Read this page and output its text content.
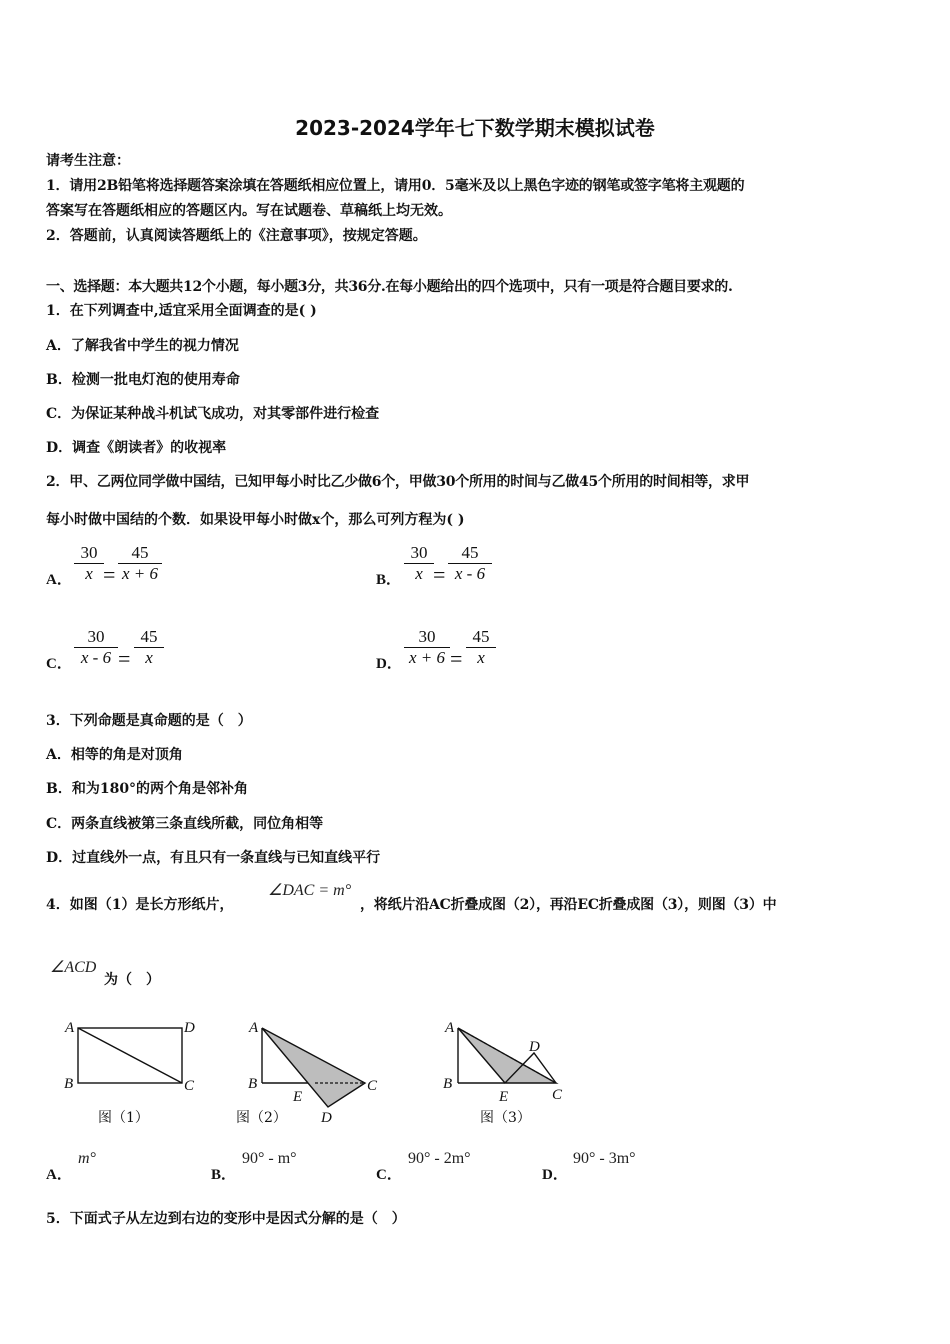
2023-2024学年七下数学期末模拟试卷
请考生注意：
1．请用2B铅笔将选择题答案涂填在答题纸相应位置上，请用0．5毫米及以上黑色字迹的钢笔或签字笔将主观题的
答案写在答题纸相应的答题区内。写在试题卷、草稿纸上均无效。
2．答题前，认真阅读答题纸上的《注意事项》，按规定答题。
一、选择题：本大题共12个小题，每小题3分，共36分.在每小题给出的四个选项中，只有一项是符合题目要求的.
1．在下列调查中,适宜采用全面调查的是( )
A．了解我省中学生的视力情况
B．检测一批电灯泡的使用寿命
C．为保证某种战斗机试飞成功，对其零部件进行检查
D．调查《朗读者》的收视率
2．甲、乙两位同学做中国结，已知甲每小时比乙少做6个，甲做30个所用的时间与乙做45个所用的时间相等，求甲
每小时做中国结的个数．如果设甲每小时做x个，那么可列方程为( )
A． $\frac{30}{x} = \frac{45}{x + 6}$	B． $\frac{30}{x} = \frac{45}{x - 6}$
C． $\frac{30}{x - 6} = \frac{45}{x}$	D． $\frac{30}{x + 6} = \frac{45}{x}$
3．下列命题是真命题的是（　）
A．相等的角是对顶角
B．和为180°的两个角是邻补角
C．两条直线被第三条直线所截，同位角相等
D．过直线外一点，有且只有一条直线与已知直线平行
4．如图（1）是长方形纸片，
∠DAC = m°
，将纸片沿AC折叠成图（2），再沿EC折叠成图（3），则图（3）中
∠ACD
为（　）
A	D
B	C
图（1）
A
B	C
E
D
图（2）
A
B
C
D
E
图（3）
A．
m°
B．
90° - m°
C．
90° - 2m°
D．
90° - 3m°
5．下面式子从左边到右边的变形中是因式分解的是（　）
